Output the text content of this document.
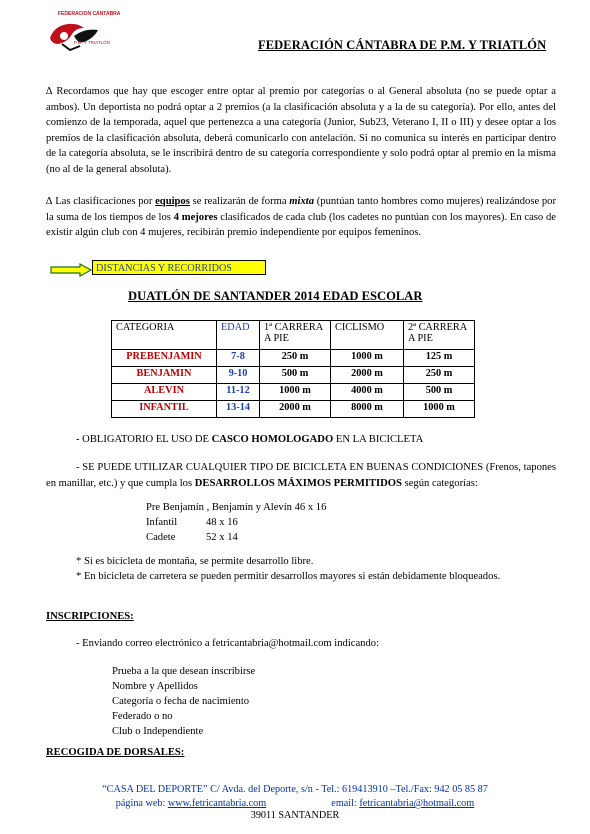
FEDERACION CÁNTABRA
P.M. Y TRIATLÓN	FEDERACIÓN CÁNTABRA DE P.M. Y TRIATLÓN
∆ Recordamos que hay que escoger entre optar al premio por categorías o al General absoluta (no se puede optar a ambos). Un deportista no podrá optar a 2 premios (a la clasificación absoluta y a la de su categoría). Por ello, antes del comienzo de la temporada, aquel que pertenezca a una categoría (Junior, Sub23, Veterano I, II o III) y desee optar a los premios de la clasificación absoluta, deberá comunicarlo con antelación. Si no comunica su interés en participar dentro de la categoría absoluta, se le inscribirá dentro de su categoría correspondiente y solo podrá optar al premio en la misma (no al de la general absoluta).
∆ Las clasificaciones por equipos se realizarán de forma mixta (puntúan tanto hombres como mujeres) realizándose por la suma de los tiempos de los 4 mejores clasificados de cada club (los cadetes no puntúan con los mayores). En caso de existir algún club con 4 mujeres, recibirán premio independiente por equipos femeninos.
DISTANCIAS Y RECORRIDOS
DUATLÓN DE SANTANDER 2014 EDAD ESCOLAR
CATEGORIA	EDAD	1ª CARRERA A PIE	CICLISMO	2ª CARRERA A PIE
PREBENJAMIN	7-8	250 m	1000 m	125 m
BENJAMIN	9-10	500 m	2000 m	250 m
ALEVIN	11-12	1000 m	4000 m	500 m
INFANTIL	13-14	2000 m	8000 m	1000 m
- OBLIGATORIO EL USO DE CASCO HOMOLOGADO EN LA BICICLETA
- SE PUEDE UTILIZAR CUALQUIER TIPO DE BICICLETA EN BUENAS CONDICIONES (Frenos, tapones en manillar, etc.) y que cumpla los DESARROLLOS MÁXIMOS PERMITIDOS según categorías:
Pre Benjamín , Benjamín y Alevín 46 x 16
Infantil	48 x 16
Cadete	52 x 14
* Si es bicicleta de montaña, se permite desarrollo libre.
* En bicicleta de carretera se pueden permitir desarrollos mayores si están debidamente bloqueados.
INSCRIPCIONES:
- Enviando correo electrónico a fetricantabria@hotmail.com indicando:
Prueba a la que desean inscribirse
Nombre y Apellidos
Categoría o fecha de nacimiento
Federado o no
Club o Independiente
RECOGIDA DE DORSALES:
“CASA DEL DEPORTE” C/ Avda. del Deporte, s/n - Tel.: 619413910 –Tel./Fax: 942 05 85 87
página web: www.fetricantabria.com	email: fetricantabria@hotmail.com
39011 SANTANDER
